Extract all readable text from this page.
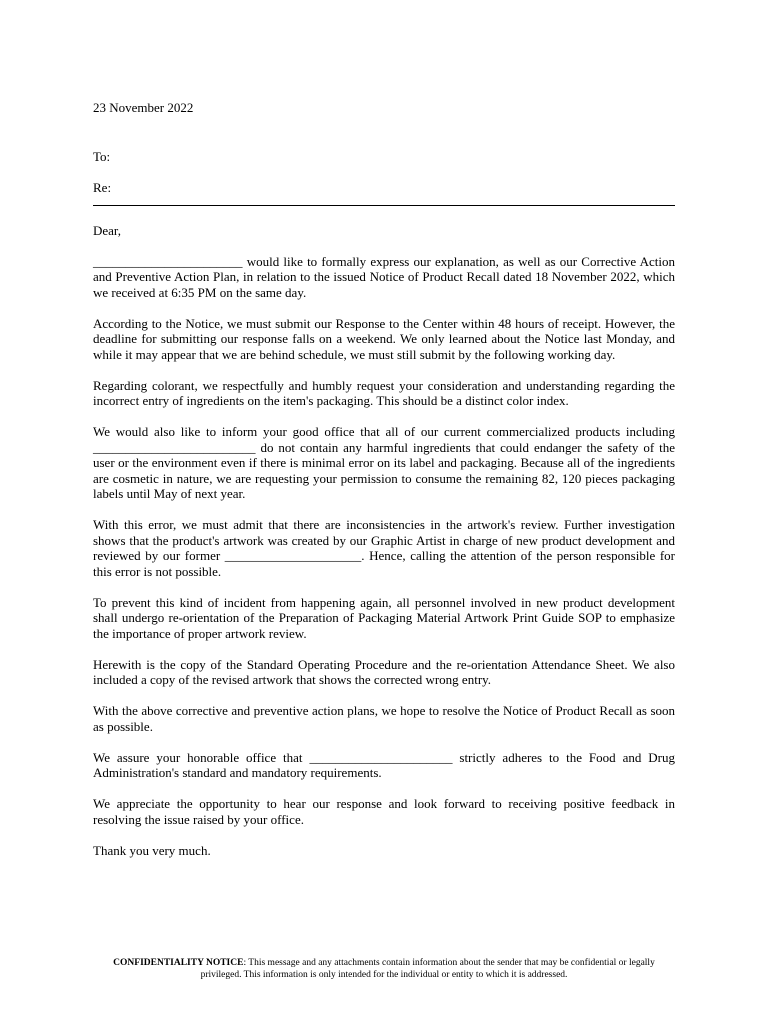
23 November 2022
To:
Re:
Dear,

_______________________ would like to formally express our explanation, as well as our Corrective Action and Preventive Action Plan, in relation to the issued Notice of Product Recall dated 18 November 2022, which we received at 6:35 PM on the same day.

According to the Notice, we must submit our Response to the Center within 48 hours of receipt. However, the deadline for submitting our response falls on a weekend. We only learned about the Notice last Monday, and while it may appear that we are behind schedule, we must still submit by the following working day.

Regarding colorant, we respectfully and humbly request your consideration and understanding regarding the incorrect entry of ingredients on the item's packaging. This should be a distinct color index.

We would also like to inform your good office that all of our current commercialized products including _________________________ do not contain any harmful ingredients that could endanger the safety of the user or the environment even if there is minimal error on its label and packaging. Because all of the ingredients are cosmetic in nature, we are requesting your permission to consume the remaining 82, 120 pieces packaging labels until May of next year.

With this error, we must admit that there are inconsistencies in the artwork's review. Further investigation shows that the product's artwork was created by our Graphic Artist in charge of new product development and reviewed by our former _____________________. Hence, calling the attention of the person responsible for this error is not possible.

To prevent this kind of incident from happening again, all personnel involved in new product development shall undergo re-orientation of the Preparation of Packaging Material Artwork Print Guide SOP to emphasize the importance of proper artwork review.

Herewith is the copy of the Standard Operating Procedure and the re-orientation Attendance Sheet. We also included a copy of the revised artwork that shows the corrected wrong entry.

With the above corrective and preventive action plans, we hope to resolve the Notice of Product Recall as soon as possible.

We assure your honorable office that ______________________ strictly adheres to the Food and Drug Administration's standard and mandatory requirements.

We appreciate the opportunity to hear our response and look forward to receiving positive feedback in resolving the issue raised by your office.

Thank you very much.

CONFIDENTIALITY NOTICE: This message and any attachments contain information about the sender that may be confidential or legally privileged. This information is only intended for the individual or entity to which it is addressed.
